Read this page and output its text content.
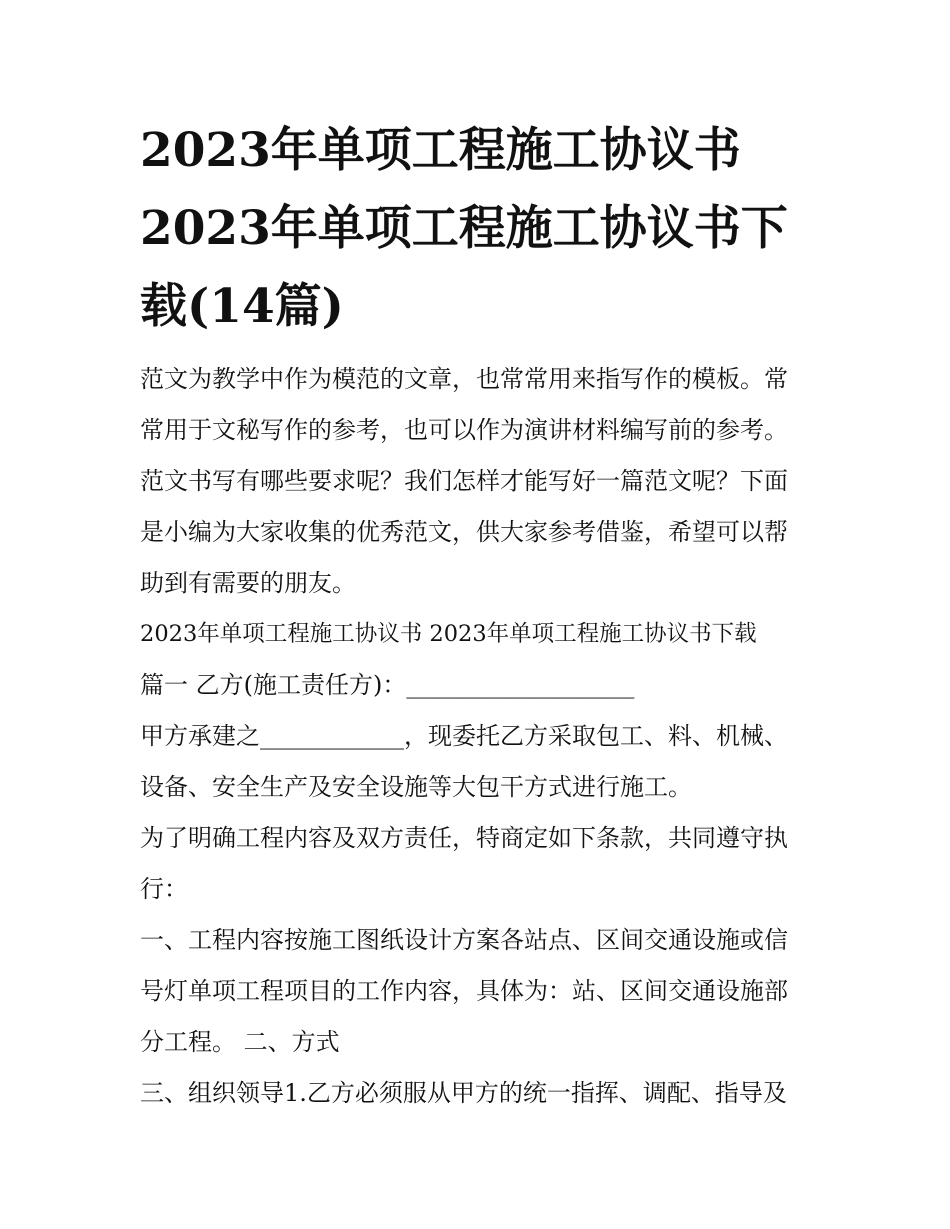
2023年单项工程施工协议书
2023年单项工程施工协议书下
载(14篇)

范文为教学中作为模范的文章，也常常用来指写作的模板。常
常用于文秘写作的参考，也可以作为演讲材料编写前的参考。
范文书写有哪些要求呢？我们怎样才能写好一篇范文呢？下面
是小编为大家收集的优秀范文，供大家参考借鉴，希望可以帮
助到有需要的朋友。

2023年单项工程施工协议书 2023年单项工程施工协议书下载

篇一 乙方(施工责任方)：___________________

甲方承建之____________，现委托乙方采取包工、料、机械、
设备、安全生产及安全设施等大包干方式进行施工。

为了明确工程内容及双方责任，特商定如下条款，共同遵守执
行：

一、工程内容按施工图纸设计方案各站点、区间交通设施或信
号灯单项工程项目的工作内容，具体为：站、区间交通设施部
分工程。 二、方式

三、组织领导1.乙方必须服从甲方的统一指挥、调配、指导及
